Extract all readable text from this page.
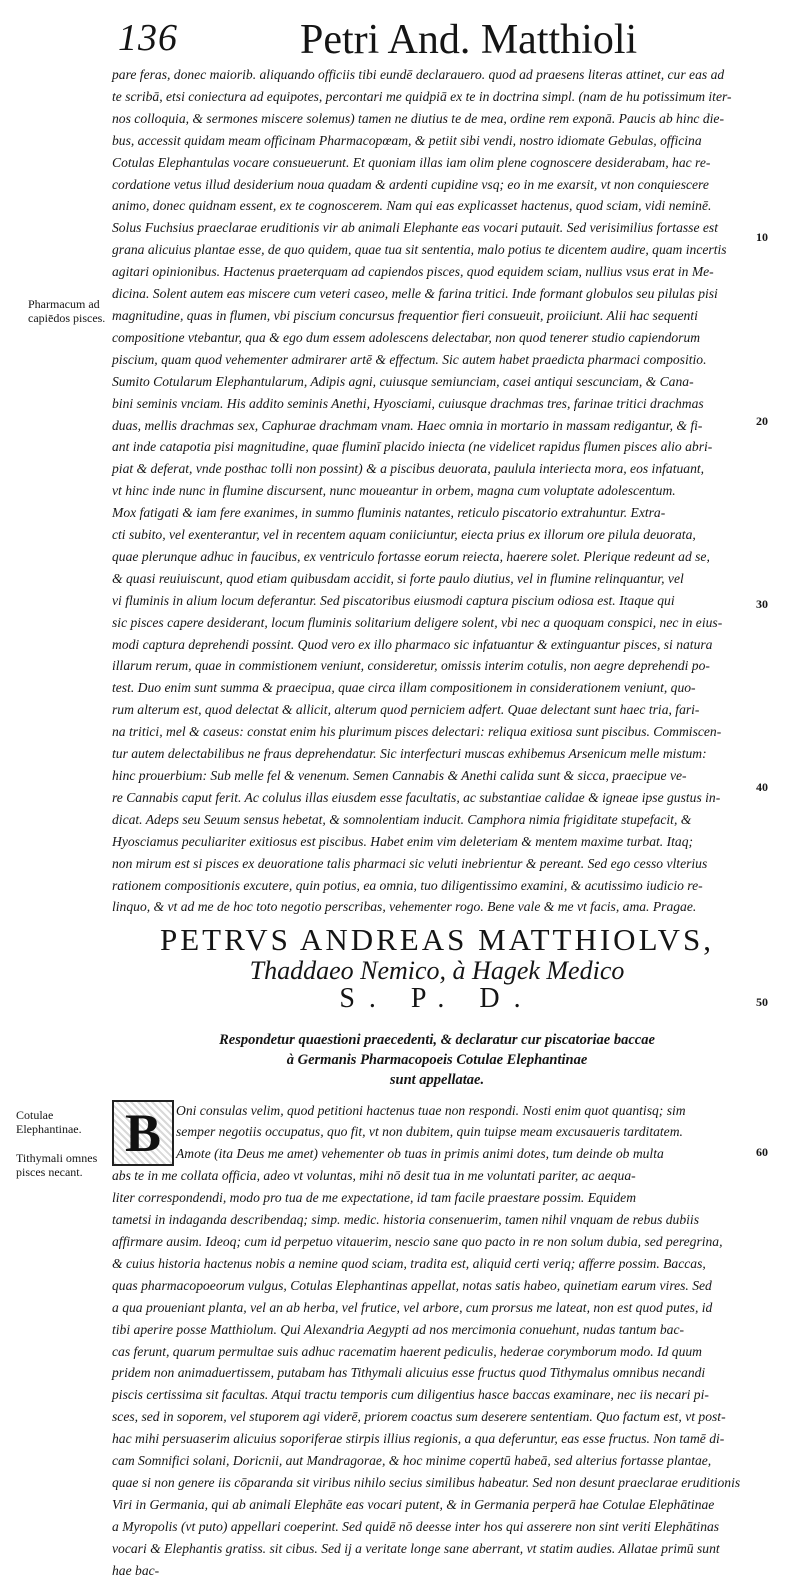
136	Petri And. Matthioli
pare feras, donec maiorib. aliquando officiis tibi eundē declarauero. quod ad praesens literas attinet, cur eas ad
te scribā, etsi coniectura ad equipotes, percontari me quidpiā ex te in doctrina simpl. (nam de hu potissimum iter-
nos colloquia, & sermones miscere solemus) tamen ne diutius te de mea, ordine rem exponā. Paucis ab hinc die-
bus, accessit quidam meam officinam Pharmacopœam, & petiit sibi vendi, nostro idiomate Gebulas, officina
Cotulas Elephantulas vocare consueuerunt. Et quoniam illas iam olim plene cognoscere desiderabam, hac re-
cordatione vetus illud desiderium noua quadam & ardenti cupidine vsq; eo in me exarsit, vt non conquiescere
animo, donec quidnam essent, ex te cognoscerem. Nam qui eas explicasset hactenus, quod sciam, vidi neminē.
Solus Fuchsius praeclarae eruditionis vir ab animali Elephante eas vocari putauit. Sed verisimilius fortasse est
grana alicuius plantae esse, de quo quidem, quae tua sit sententia, malo potius te dicentem audire, quam incertis
agitari opinionibus. Hactenus praeterquam ad capiendos pisces, quod equidem sciam, nullius vsus erat in Me-
dicina. Solent autem eas miscere cum veteri caseo, melle & farina tritici. Inde formant globulos seu pilulas pisi
magnitudine, quas in flumen, vbi piscium concursus frequentior fieri consueuit, proiiciunt. Alii hac sequenti
compositione vtebantur, qua & ego dum essem adolescens delectabar, non quod tenerer studio capiendorum
piscium, quam quod vehementer admirarer artē & effectum. Sic autem habet praedicta pharmaci compositio.
Sumito Cotularum Elephantularum, Adipis agni, cuiusque semiunciam, casei antiqui sescunciam, & Cana-
bini seminis vnciam. His addito seminis Anethi, Hyosciami, cuiusque drachmas tres, farinae tritici drachmas
duas, mellis drachmas sex, Caphurae drachmam vnam. Haec omnia in mortario in massam redigantur, & fi-
ant inde catapotia pisi magnitudine, quae fluminī placido iniecta (ne videlicet rapidus flumen pisces alio abri-
piat & deferat, vnde posthac tolli non possint) & a piscibus deuorata, paulula interiecta mora, eos infatuant,
vt hinc inde nunc in flumine discursent, nunc moueantur in orbem, magna cum voluptate adolescentum.
Mox fatigati & iam fere exanimes, in summo fluminis natantes, reticulo piscatorio extrahuntur. Extra-
cti subito, vel exenterantur, vel in recentem aquam coniiciuntur, eiecta prius ex illorum ore pilula deuorata,
quae plerunque adhuc in faucibus, ex ventriculo fortasse eorum reiecta, haerere solet. Plerique redeunt ad se,
& quasi reuiuiscunt, quod etiam quibusdam accidit, si forte paulo diutius, vel in flumine relinquantur, vel
vi fluminis in alium locum deferantur. Sed piscatoribus eiusmodi captura piscium odiosa est. Itaque qui
sic pisces capere desiderant, locum fluminis solitarium deligere solent, vbi nec a quoquam conspici, nec in eius-
modi captura deprehendi possint. Quod vero ex illo pharmaco sic infatuantur & extinguantur pisces, si natura
illarum rerum, quae in commistionem veniunt, consideretur, omissis interim cotulis, non aegre deprehendi po-
test. Duo enim sunt summa & praecipua, quae circa illam compositionem in considerationem veniunt, quo-
rum alterum est, quod delectat & allicit, alterum quod perniciem adfert. Quae delectant sunt haec tria, fari-
na tritici, mel & caseus: constat enim his plurimum pisces delectari: reliqua exitiosa sunt piscibus. Commiscen-
tur autem delectabilibus ne fraus deprehendatur. Sic interfecturi muscas exhibemus Arsenicum melle mistum:
hinc prouerbium: Sub melle fel & venenum. Semen Cannabis & Anethi calida sunt & sicca, praecipue ve-
re Cannabis caput ferit. Ac colulus illas eiusdem esse facultatis, ac substantiae calidae & igneae ipse gustus in-
dicat. Adeps seu Seuum sensus hebetat, & somnolentiam inducit. Camphora nimia frigiditate stupefacit, &
Hyosciamus peculiariter exitiosus est piscibus. Habet enim vim deleteriam & mentem maxime turbat. Itaq;
non mirum est si pisces ex deuoratione talis pharmaci sic veluti inebrientur & pereant. Sed ego cesso vlterius
rationem compositionis excutere, quin potius, ea omnia, tuo diligentissimo examini, & acutissimo iudicio re-
linquo, & vt ad me de hoc toto negotio perscribas, vehementer rogo. Bene vale & me vt facis, ama. Pragae.
PETRVS ANDREAS MATTHIOLVS,
Thaddaeo Nemico, à Hagek Medico
S. P. D.
Respondetur quaestioni praecedenti, & declaratur cur piscatoriae baccae
à Germanis Pharmacopoeis Cotulae Elephantinae
sunt appellatae.
B	Oni consulas velim, quod petitioni hactenus tuae non respondi. Nosti enim quot quantisq; sim
semper negotiis occupatus, quo fit, vt non dubitem, quin tuipse meam excusaueris tarditatem.
Amote (ita Deus me amet) vehementer ob tuas in primis animi dotes, tum deinde ob multa
abs te in me collata officia, adeo vt voluntas, mihi nō desit tua in me voluntati pariter, ac aequa-
liter correspondendi, modo pro tua de me expectatione, id tam facile praestare possim. Equidem
tametsi in indaganda describendaq; simp. medic. historia consenuerim, tamen nihil vnquam de rebus dubiis
affirmare ausim. Ideoq; cum id perpetuo vitauerim, nescio sane quo pacto in re non solum dubia, sed peregrina,
& cuius historia hactenus nobis a nemine quod sciam, tradita est, aliquid certi veriq; afferre possim. Baccas,
quas pharmacopoeorum vulgus, Cotulas Elephantinas appellat, notas satis habeo, quinetiam earum vires. Sed
a qua proueniant planta, vel an ab herba, vel frutice, vel arbore, cum prorsus me lateat, non est quod putes, id
tibi aperire posse Matthiolum. Qui Alexandria Aegypti ad nos mercimonia conuehunt, nudas tantum bac-
cas ferunt, quarum permultae suis adhuc racematim haerent pediculis, hederae corymborum modo. Id quum
pridem non animaduertissem, putabam has Tithymali alicuius esse fructus quod Tithymalus omnibus necandi
piscis certissima sit facultas. Atqui tractu temporis cum diligentius hasce baccas examinare, nec iis necari pi-
sces, sed in soporem, vel stuporem agi viderē, priorem coactus sum deserere sententiam. Quo factum est, vt post-
hac mihi persuaserim alicuius soporiferae stirpis illius regionis, a qua deferuntur, eas esse fructus. Non tamē di-
cam Somnifici solani, Doricnii, aut Mandragorae, & hoc minime copertū habeā, sed alterius fortasse plantae,
quae si non genere iis cōparanda sit viribus nihilo secius similibus habeatur. Sed non desunt praeclarae eruditionis
Viri in Germania, qui ab animali Elephāte eas vocari putent, & in Germania perperā hae Cotulae Elephātinae
a Myropolis (vt puto) appellari coeperint. Sed quidē nō deesse inter hos qui asserere non sint veriti Elephātinas
vocari & Elephantis gratiss. sit cibus. Sed ij a veritate longe sane aberrant, vt statim audies. Allatae primū sunt
hae bac-
Pharmacum ad capiēdos pisces.
Cotulae Elephantinae.
Tithymali omnes pisces necant.
10
20
30
40
50
60
